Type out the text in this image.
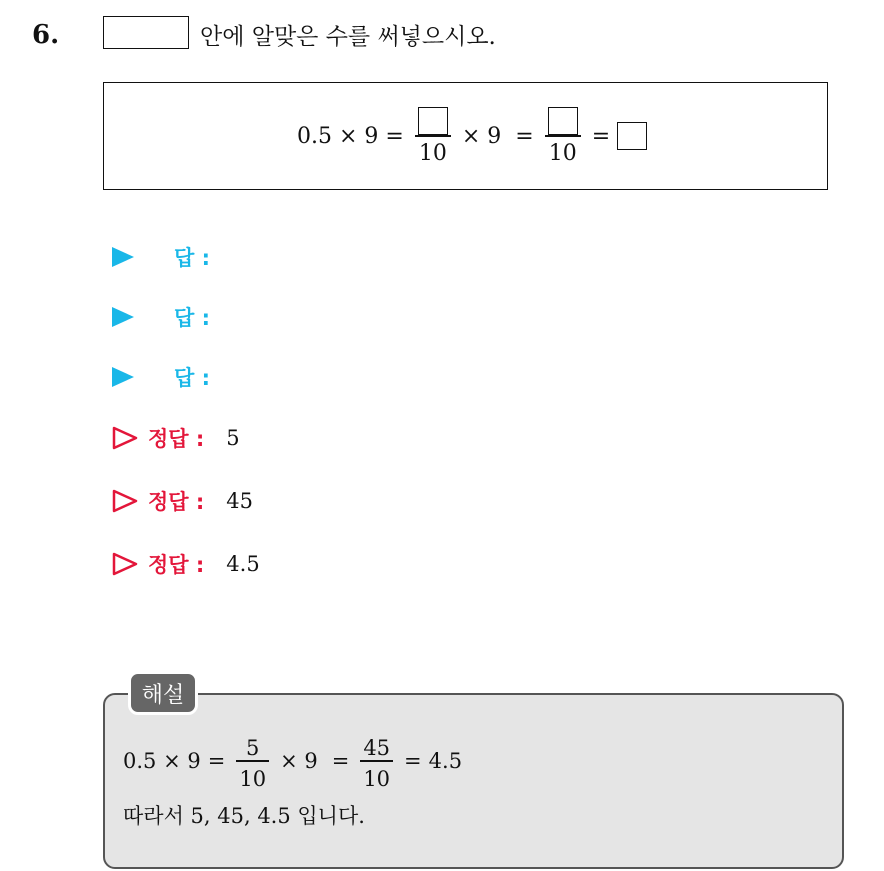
6.	안에 알맞은 수를 써넣으시오.
0.5 × 9 =
10
× 9 =
10
=
답 :
답 :
답 :
정답 : 5
정답 : 45
정답 : 4.5
해설
$0.5 \times 9 = \frac{5}{10} \times 9 = \frac{45}{10} = 4.5$
따라서 5, 45, 4.5 입니다.
